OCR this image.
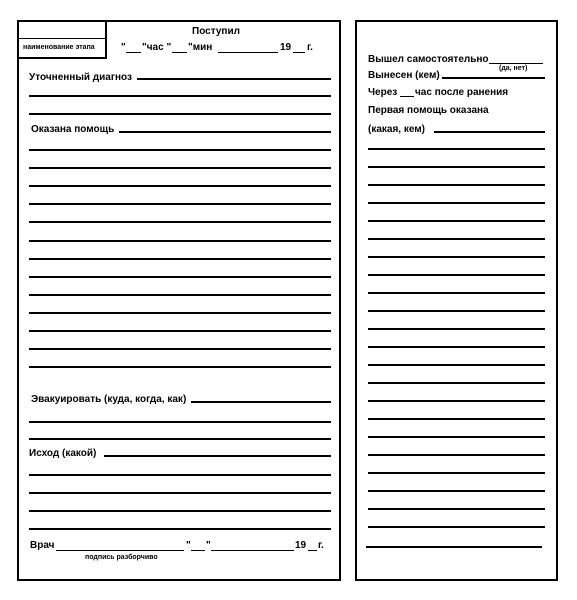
наименование этапа
Поступил
" "час " "мин	19 г.
Уточненный диагноз
Оказана помощь
Эвакуировать (куда, когда, как)
Исход (какой)
Врач	" "	19 г.
подпись разборчиво
Вышел самостоятельно
(да, нет)
Вынесен (кем)
Через час после ранения
Первая помощь оказана
(какая, кем)
